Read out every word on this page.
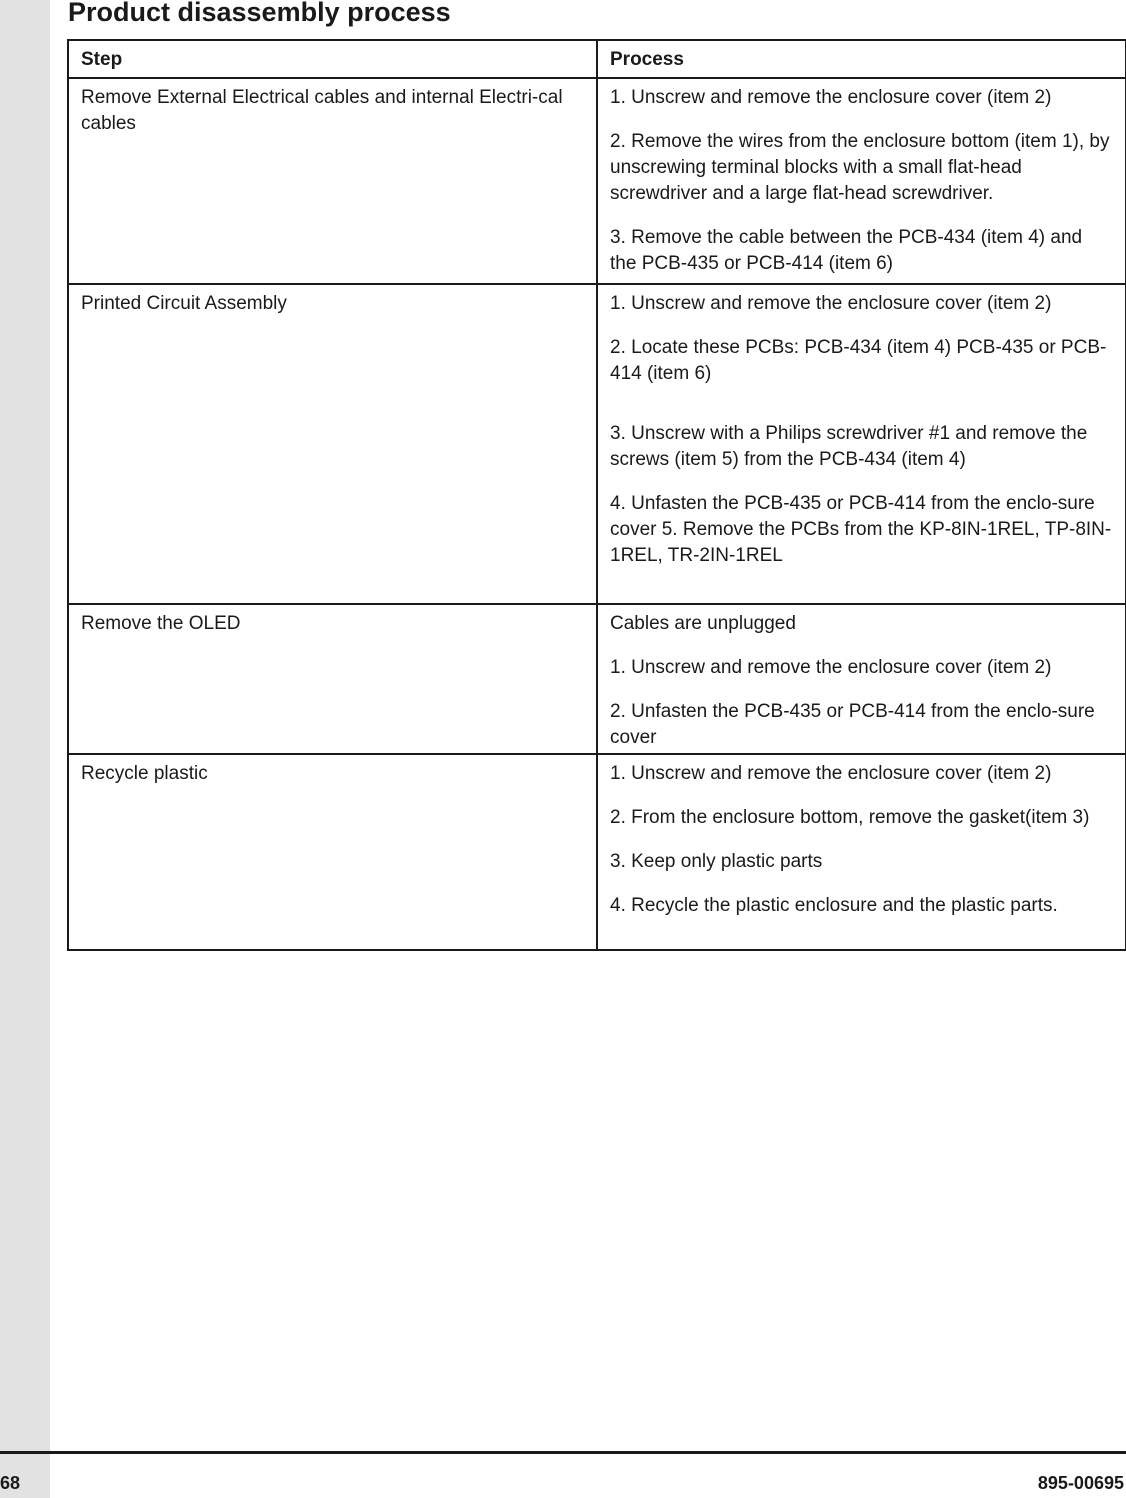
Product disassembly process
Step	Process
Remove External Electrical cables and internal Electri-cal cables	1. Unscrew and remove the enclosure cover (item 2)
2. Remove the wires from the enclosure bottom (item 1), by unscrewing terminal blocks with a small flat-head screwdriver and a large flat-head screwdriver.
3. Remove the cable between the PCB-434 (item 4) and the PCB-435 or PCB-414 (item 6)

Printed Circuit Assembly	1. Unscrew and remove the enclosure cover (item 2)
2. Locate these PCBs: PCB-434 (item 4) PCB-435 or PCB-414 (item 6)
3. Unscrew with a Philips screwdriver #1 and remove the screws (item 5) from the PCB-434 (item 4)
4. Unfasten the PCB-435 or PCB-414 from the enclo-sure cover 5. Remove the PCBs from the KP-8IN-1REL, TP-8IN-1REL, TR-2IN-1REL

Remove the OLED	Cables are unplugged
1. Unscrew and remove the enclosure cover (item 2)
2. Unfasten the PCB-435 or PCB-414 from the enclo-sure cover

Recycle plastic	1. Unscrew and remove the enclosure cover (item 2)
2. From the enclosure bottom, remove the gasket(item 3)
3. Keep only plastic parts
4. Recycle the plastic enclosure and the plastic parts.
68	895-00695
